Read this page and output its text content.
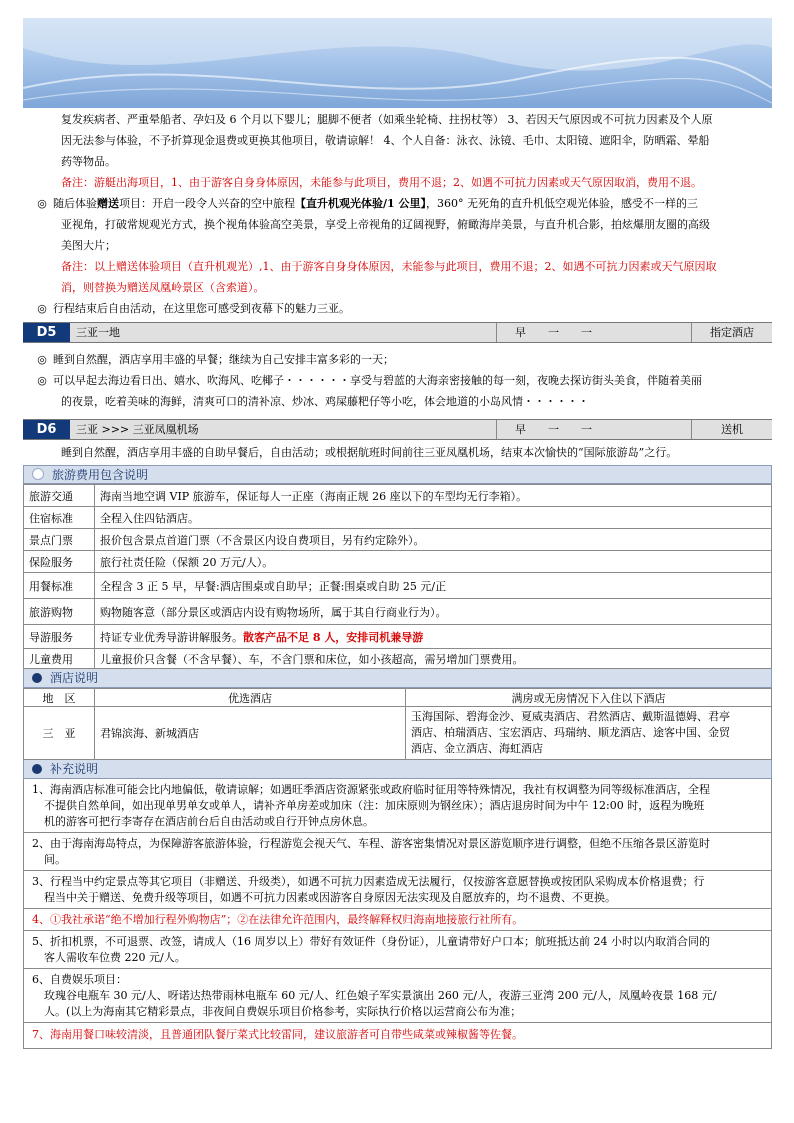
复发疾病者、严重晕船者、孕妇及 6 个月以下婴儿；腿脚不便者（如乘坐轮椅、拄拐杖等） 3、若因天气原因或不可抗力因素及个人原
因无法参与体验，不予折算现金退费或更换其他项目，敬请谅解！ 4、个人自备：泳衣、泳镜、毛巾、太阳镜、遮阳伞，防晒霜、晕船
药等物品。
备注：游艇出海项目，1、由于游客自身身体原因，未能参与此项目，费用不退；2、如遇不可抗力因素或天气原因取消，费用不退。
◎ 随后体验赠送项目：开启一段令人兴奋的空中旅程【直升机观光体验/1 公里】，360° 无死角的直升机低空观光体验，感受不一样的三
亚视角，打破常规观光方式，换个视角体验高空美景，享受上帝视角的辽阔视野，俯瞰海岸美景，与直升机合影，拍炫爆朋友圈的高级
美图大片；
备注：以上赠送体验项目（直升机观光）,1、由于游客自身身体原因，未能参与此项目，费用不退；2、如遇不可抗力因素或天气原因取
消，则替换为赠送凤凰岭景区（含索道）。
◎ 行程结束后自由活动，在这里您可感受到夜幕下的魅力三亚。
D5	三亚一地	早　　一　　一	指定酒店
◎ 睡到自然醒，酒店享用丰盛的早餐；继续为自己安排丰富多彩的一天；
◎ 可以早起去海边看日出、嬉水、吹海风、吃椰子・・・・・・享受与碧蓝的大海亲密接触的每一刻，夜晚去探访街头美食，伴随着美丽
的夜景，吃着美味的海鲜，清爽可口的清补凉、炒冰、鸡屎藤粑仔等小吃，体会地道的小岛风情・・・・・・
D6	三亚 >>> 三亚凤凰机场	早　　一　　一	送机
睡到自然醒，酒店享用丰盛的自助早餐后，自由活动；或根据航班时间前往三亚凤凰机场，结束本次愉快的“国际旅游岛”之行。
旅游费用包含说明
旅游交通	海南当地空调 VIP 旅游车，保证每人一正座（海南正规 26 座以下的车型均无行李箱）。
住宿标准	全程入住四钻酒店。
景点门票	报价包含景点首道门票（不含景区内设自费项目，另有约定除外）。
保险服务	旅行社责任险（保额 20 万元/人）。
用餐标准	全程含 3 正 5 早，早餐:酒店围桌或自助早；正餐:围桌或自助 25 元/正
旅游购物	购物随客意（部分景区或酒店内设有购物场所，属于其自行商业行为）。
导游服务	持证专业优秀导游讲解服务。散客产品不足 8 人，安排司机兼导游
儿童费用	儿童报价只含餐（不含早餐）、车，不含门票和床位，如小孩超高，需另增加门票费用。
酒店说明
地　区	优选酒店	满房或无房情况下入住以下酒店
三　亚	君锦滨海、新城酒店	玉海国际、碧海金沙、夏威夷酒店、君然酒店、戴斯温德姆、君亭
酒店、柏瑞酒店、宝宏酒店、玛瑞纳、顺龙酒店、途客中国、金贸
酒店、金立酒店、海虹酒店
补充说明
1、海南酒店标准可能会比内地偏低，敬请谅解；如遇旺季酒店资源紧张或政府临时征用等特殊情况，我社有权调整为同等级标准酒店，全程
不提供自然单间，如出现单男单女或单人，请补齐单房差或加床（注：加床原则为钢丝床）；酒店退房时间为中午 12:00 时，返程为晚班
机的游客可把行李寄存在酒店前台后自由活动或自行开钟点房休息。
2、由于海南海岛特点，为保障游客旅游体验，行程游览会视天气、车程、游客密集情况对景区游览顺序进行调整，但绝不压缩各景区游览时
间。
3、行程当中约定景点等其它项目（非赠送、升级类），如遇不可抗力因素造成无法履行，仅按游客意愿替换或按团队采购成本价格退费；行
程当中关于赠送、免费升级等项目，如遇不可抗力因素或因游客自身原因无法实现及自愿放弃的，均不退费、不更换。
4、①我社承诺“绝不增加行程外购物店”；②在法律允许范围内，最终解释权归海南地接旅行社所有。
5、折扣机票，不可退票、改签，请成人（16 周岁以上）带好有效证件（身份证），儿童请带好户口本；航班抵达前 24 小时以内取消合同的
客人需收车位费 220 元/人。
6、自费娱乐项目：
玫瑰谷电瓶车 30 元/人、呀诺达热带雨林电瓶车 60 元/人、红色娘子军实景演出 260 元/人，夜游三亚湾 200 元/人，凤凰岭夜景 168 元/
人。(以上为海南其它精彩景点，非夜间自费娱乐项目价格参考，实际执行价格以运营商公布为准；
7、海南用餐口味较清淡，且普通团队餐厅菜式比较雷同，建议旅游者可自带些咸菜或辣椒酱等佐餐。
